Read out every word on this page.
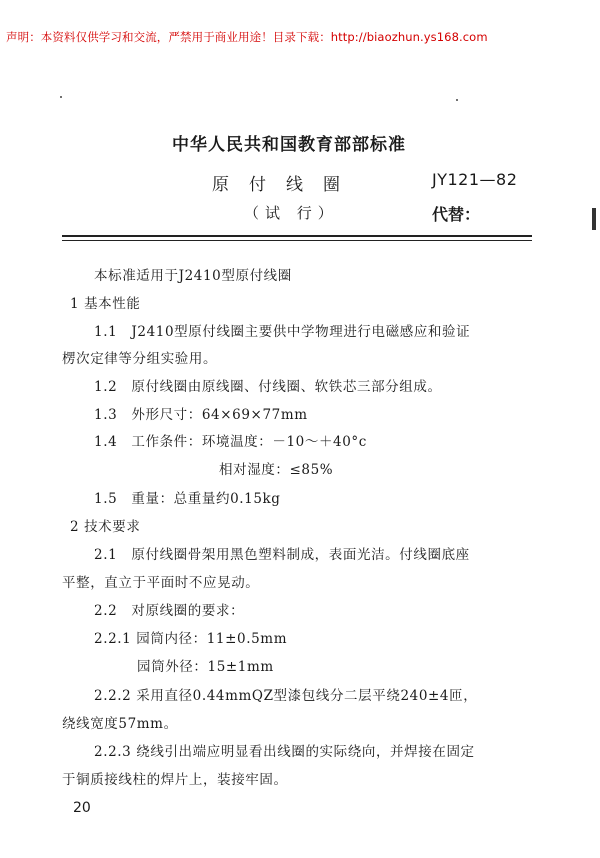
声明：本资料仅供学习和交流，严禁用于商业用途！目录下载：http://biaozhun.ys168.com
中华人民共和国教育部部标准
原付线圈	JY121—82
（试 行）	代替：
本标准适用于J2410型原付线圈
1 基本性能
1.1　J2410型原付线圈主要供中学物理进行电磁感应和验证
楞次定律等分组实验用。
1.2　原付线圈由原线圈、付线圈、软铁芯三部分组成。
1.3　外形尺寸：64×69×77mm
1.4　工作条件：环境温度：－10～＋40°c
相对湿度：≤85%
1.5　重量：总重量约0.15kg
2 技术要求
2.1　原付线圈骨架用黑色塑料制成，表面光洁。付线圈底座
平整，直立于平面时不应晃动。
2.2　对原线圈的要求：
2.2.1 园筒内径：11±0.5mm
园筒外径：15±1mm
2.2.2 采用直径0.44mmQZ型漆包线分二层平绕240±4匝，
绕线宽度57mm。
2.2.3 绕线引出端应明显看出线圈的实际绕向，并焊接在固定
于铜质接线柱的焊片上，装接牢固。
20
